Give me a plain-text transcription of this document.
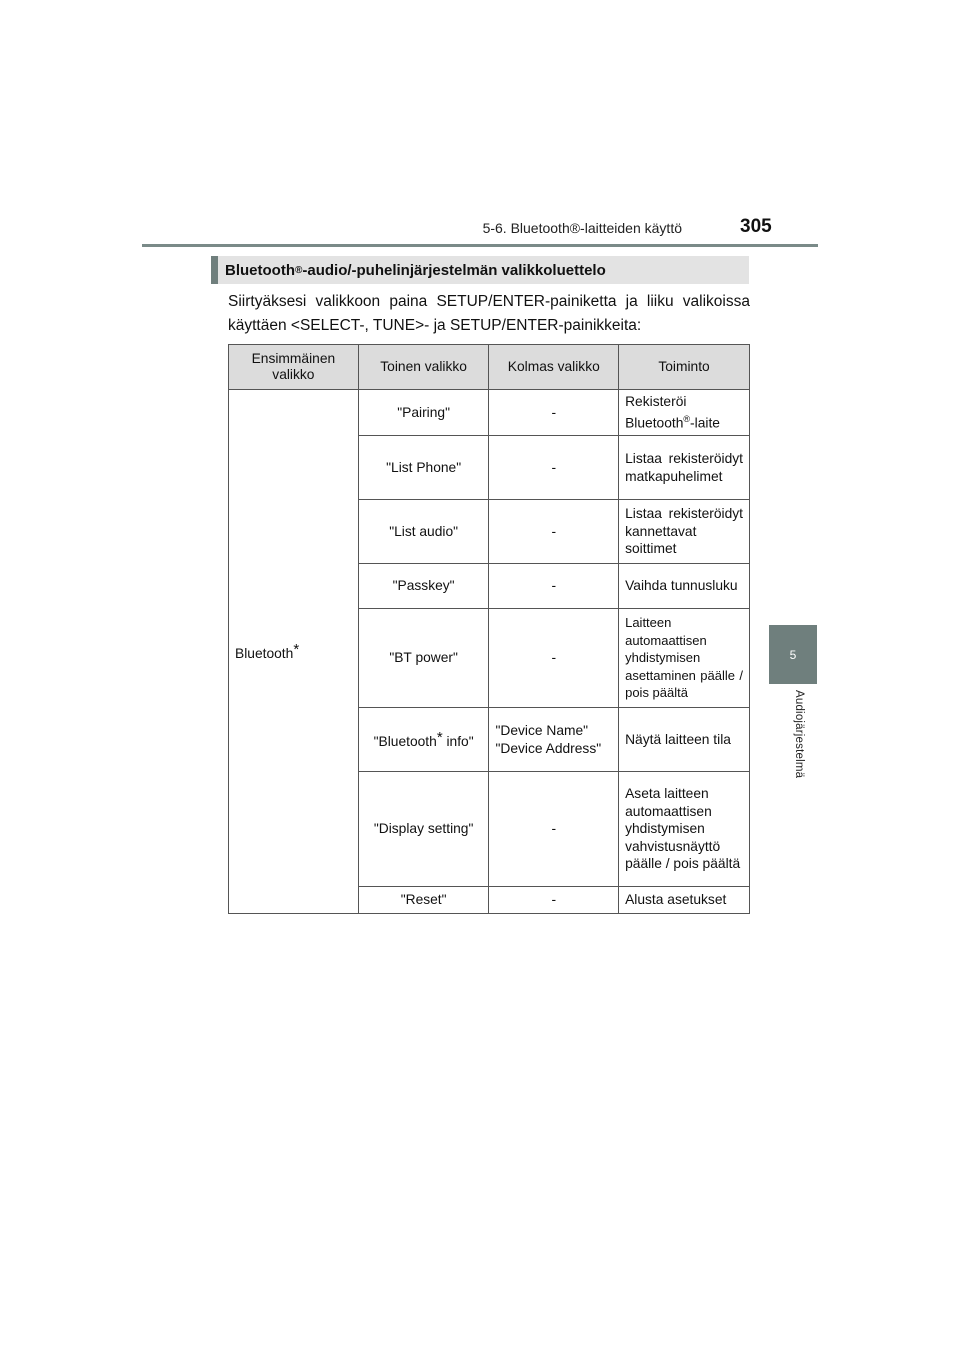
5-6. Bluetooth®-laitteiden käyttö	305
5
Audiojärjestelmä
Bluetooth ® -audio/-puhelinjärjestelmän valikkoluettelo
Siirtyäksesi valikkoon paina SETUP/ENTER-painiketta ja liiku valikoissa käyttäen <SELECT-, TUNE>- ja SETUP/ENTER-painikkeita:
Ensimmäinen valikko	Toinen valikko	Kolmas valikko	Toiminto
Bluetooth*	"Pairing"	-	Rekisteröi
Bluetooth®-laite
	"List Phone"	-	Listaa rekisteröidyt matkapuhelimet
	"List audio"	-	Listaa rekisteröidyt kannettavat soittimet
	"Passkey"	-	Vaihda tunnusluku
	"BT power"	-	Laitteen automaattisen yhdistymisen asettaminen päälle / pois päältä
	"Bluetooth* info"	"Device Name" "Device Address"	Näytä laitteen tila
	"Display setting"	-	Aseta laitteen automaattisen yhdistymisen vahvistusnäyttö päälle / pois päältä
	"Reset"	-	Alusta asetukset
